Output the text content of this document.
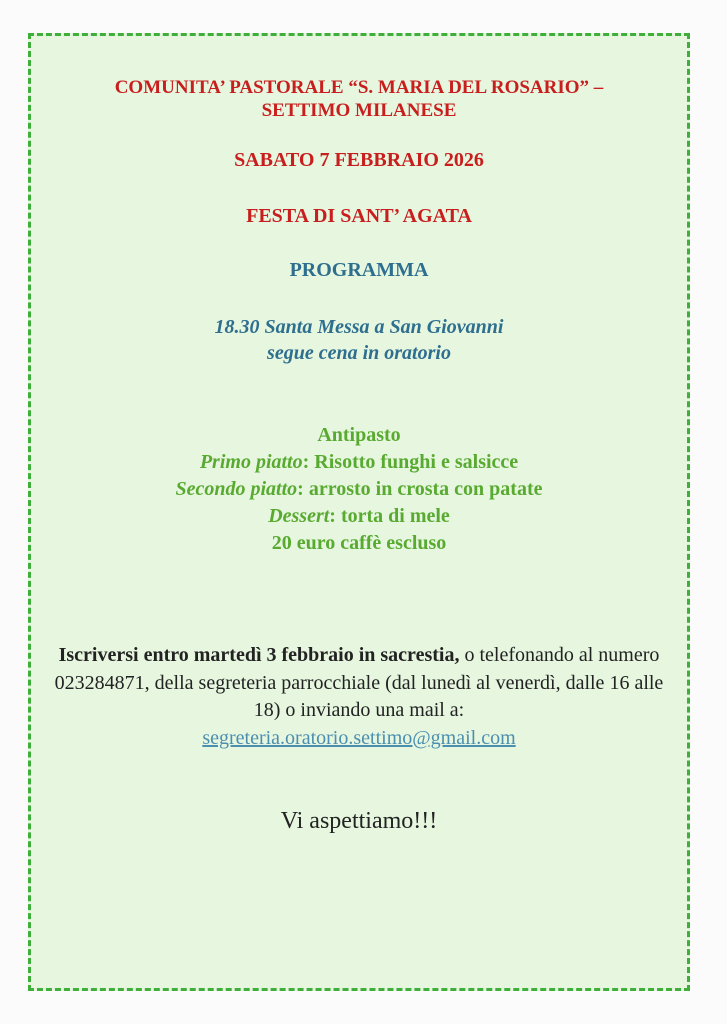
COMUNITA’ PASTORALE “S. MARIA DEL ROSARIO” –
SETTIMO MILANESE
SABATO 7 FEBBRAIO 2026
FESTA DI SANT’ AGATA
PROGRAMMA
18.30 Santa Messa a San Giovanni
segue cena in oratorio
Antipasto
Primo piatto: Risotto funghi e salsicce
Secondo piatto: arrosto in crosta con patate
Dessert: torta di mele
20 euro caffè escluso
Iscriversi entro martedì 3 febbraio in sacrestia, o telefonando al numero 023284871, della segreteria parrocchiale (dal lunedì al venerdì, dalle 16 alle 18) o inviando una mail a:
segreteria.oratorio.settimo@gmail.com
Vi aspettiamo!!!
